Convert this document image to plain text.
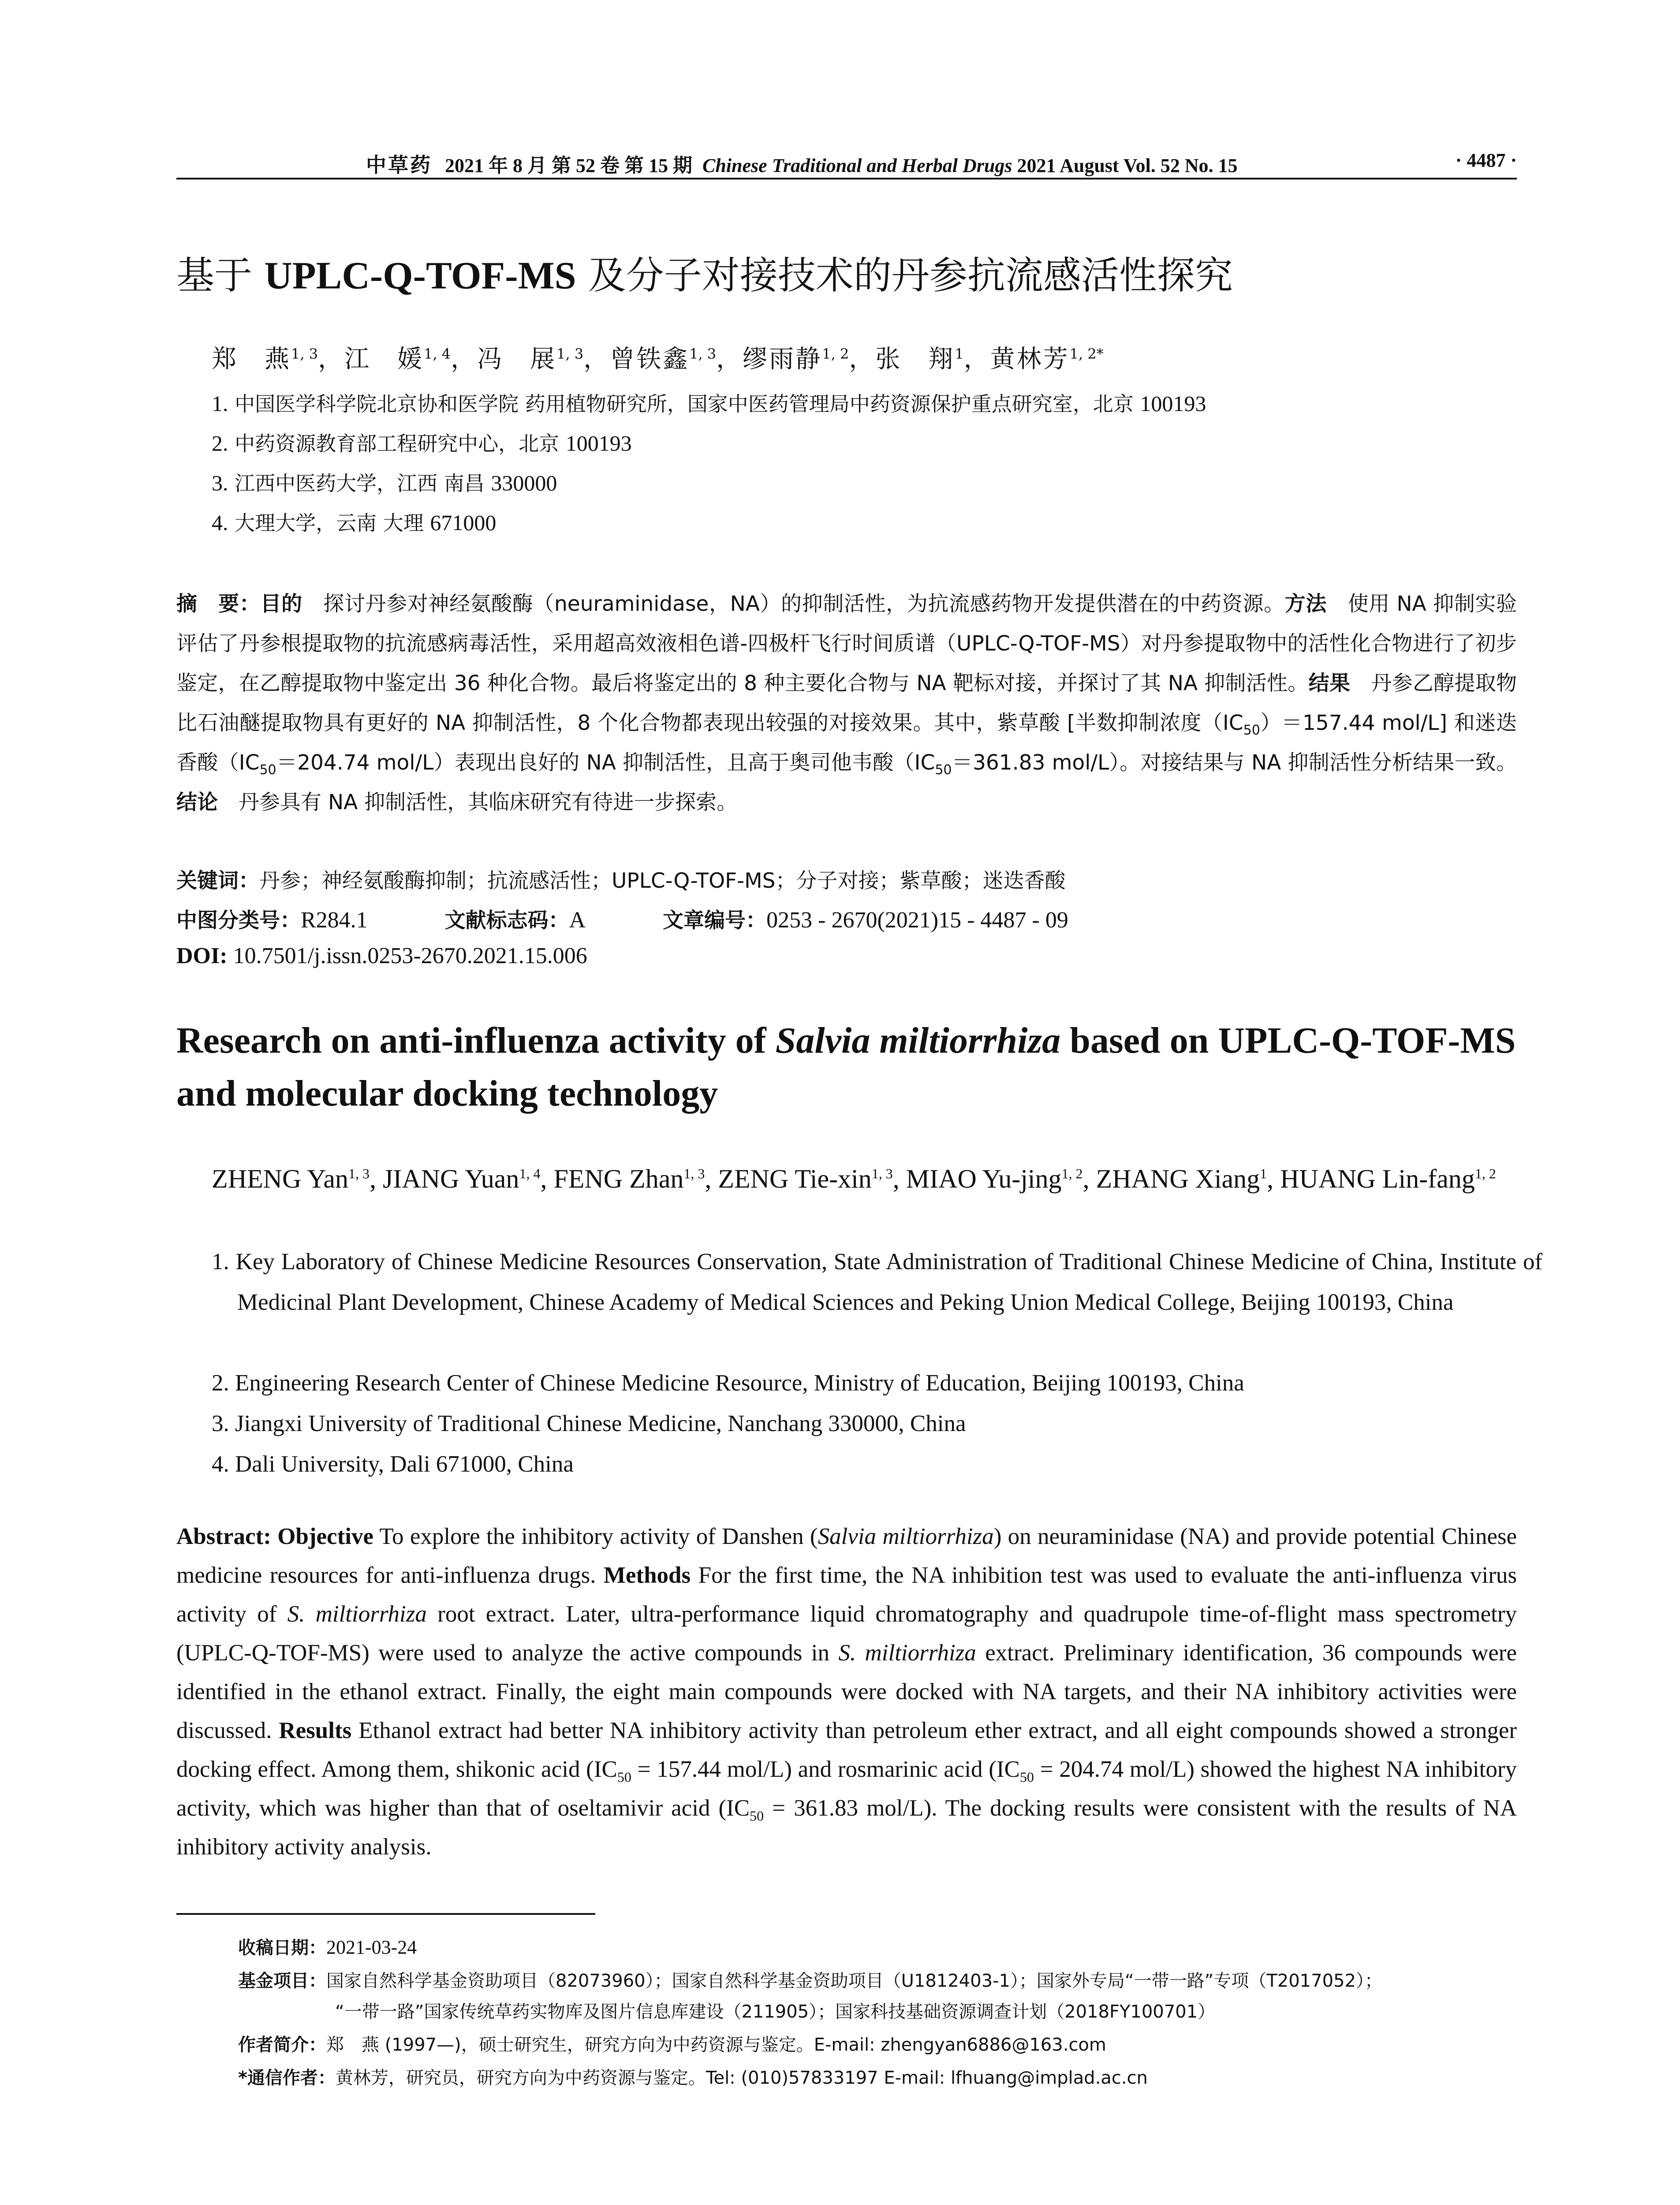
中草药 2021 年 8 月 第 52 卷 第 15 期 Chinese Traditional and Herbal Drugs 2021 August Vol. 52 No. 15	· 4487 ·
基于 UPLC-Q-TOF-MS 及分子对接技术的丹参抗流感活性探究
郑　燕$^{1, 3}$，江　媛$^{1, 4}$，冯　展$^{1, 3}$，曾铁鑫$^{1, 3}$，缪雨静$^{1, 2}$，张　翔$^1$，黄林芳$^{1, 2*}$
1. 中国医学科学院北京协和医学院 药用植物研究所，国家中医药管理局中药资源保护重点研究室，北京 100193
2. 中药资源教育部工程研究中心，北京 100193
3. 江西中医药大学，江西 南昌 330000
4. 大理大学，云南 大理 671000
摘　要：目的　探讨丹参对神经氨酸酶（neuraminidase，NA）的抑制活性，为抗流感药物开发提供潜在的中药资源。方法　使用 NA 抑制实验评估了丹参根提取物的抗流感病毒活性，采用超高效液相色谱-四极杆飞行时间质谱（UPLC-Q-TOF-MS）对丹参提取物中的活性化合物进行了初步鉴定，在乙醇提取物中鉴定出 36 种化合物。最后将鉴定出的 8 种主要化合物与 NA 靶标对接，并探讨了其 NA 抑制活性。结果　丹参乙醇提取物比石油醚提取物具有更好的 NA 抑制活性，8 个化合物都表现出较强的对接效果。其中，紫草酸 [半数抑制浓度$(IC_{50})=157.44$ mol/L] 和迷迭香酸（$IC_{50}=204.74$ mol/L）表现出良好的 NA 抑制活性，且高于奥司他韦酸（$IC_{50}=361.83$ mol/L）。对接结果与 NA 抑制活性分析结果一致。结论　丹参具有 NA 抑制活性，其临床研究有待进一步探索。
关键词：丹参；神经氨酸酶抑制；抗流感活性；UPLC-Q-TOF-MS；分子对接；紫草酸；迷迭香酸
中图分类号：R284.1	文献标志码：A	文章编号：0253 - 2670(2021)15 - 4487 - 09
DOI: 10.7501/j.issn.0253-2670.2021.15.006
Research on anti-influenza activity of Salvia miltiorrhiza based on UPLC-Q-TOF-MS and molecular docking technology
ZHENG Yan$^{1, 3}$, JIANG Yuan$^{1, 4}$, FENG Zhan$^{1, 3}$, ZENG Tie-xin$^{1, 3}$, MIAO Yu-jing$^{1, 2}$, ZHANG Xiang$^1$, HUANG Lin-fang$^{1, 2}$
1. Key Laboratory of Chinese Medicine Resources Conservation, State Administration of Traditional Chinese Medicine of China, Institute of Medicinal Plant Development, Chinese Academy of Medical Sciences and Peking Union Medical College, Beijing 100193, China
2. Engineering Research Center of Chinese Medicine Resource, Ministry of Education, Beijing 100193, China
3. Jiangxi University of Traditional Chinese Medicine, Nanchang 330000, China
4. Dali University, Dali 671000, China
Abstract: Objective To explore the inhibitory activity of Danshen (Salvia miltiorrhiza) on neuraminidase (NA) and provide potential Chinese medicine resources for anti-influenza drugs. Methods For the first time, the NA inhibition test was used to evaluate the anti-influenza virus activity of S. miltiorrhiza root extract. Later, ultra-performance liquid chromatography and quadrupole time-of-flight mass spectrometry (UPLC-Q-TOF-MS) were used to analyze the active compounds in S. miltiorrhiza extract. Preliminary identification, 36 compounds were identified in the ethanol extract. Finally, the eight main compounds were docked with NA targets, and their NA inhibitory activities were discussed. Results Ethanol extract had better NA inhibitory activity than petroleum ether extract, and all eight compounds showed a stronger docking effect. Among them, shikonic acid ($IC_{50} = 157.44$ mol/L) and rosmarinic acid ($IC_{50} = 204.74$ mol/L) showed the highest NA inhibitory activity, which was higher than that of oseltamivir acid ($IC_{50} = 361.83$ mol/L). The docking results were consistent with the results of NA inhibitory activity analysis.
收稿日期：2021-03-24
基金项目：国家自然科学基金资助项目（82073960）；国家自然科学基金资助项目（U1812403-1）；国家外专局“一带一路”专项（T2017052）；
“一带一路”国家传统草药实物库及图片信息库建设（211905）；国家科技基础资源调查计划（2018FY100701）
作者简介：郑　燕 (1997—)，硕士研究生，研究方向为中药资源与鉴定。E-mail: zhengyan6886@163.com
*通信作者：黄林芳，研究员，研究方向为中药资源与鉴定。Tel: (010)57833197 E-mail: lfhuang@implad.ac.cn
